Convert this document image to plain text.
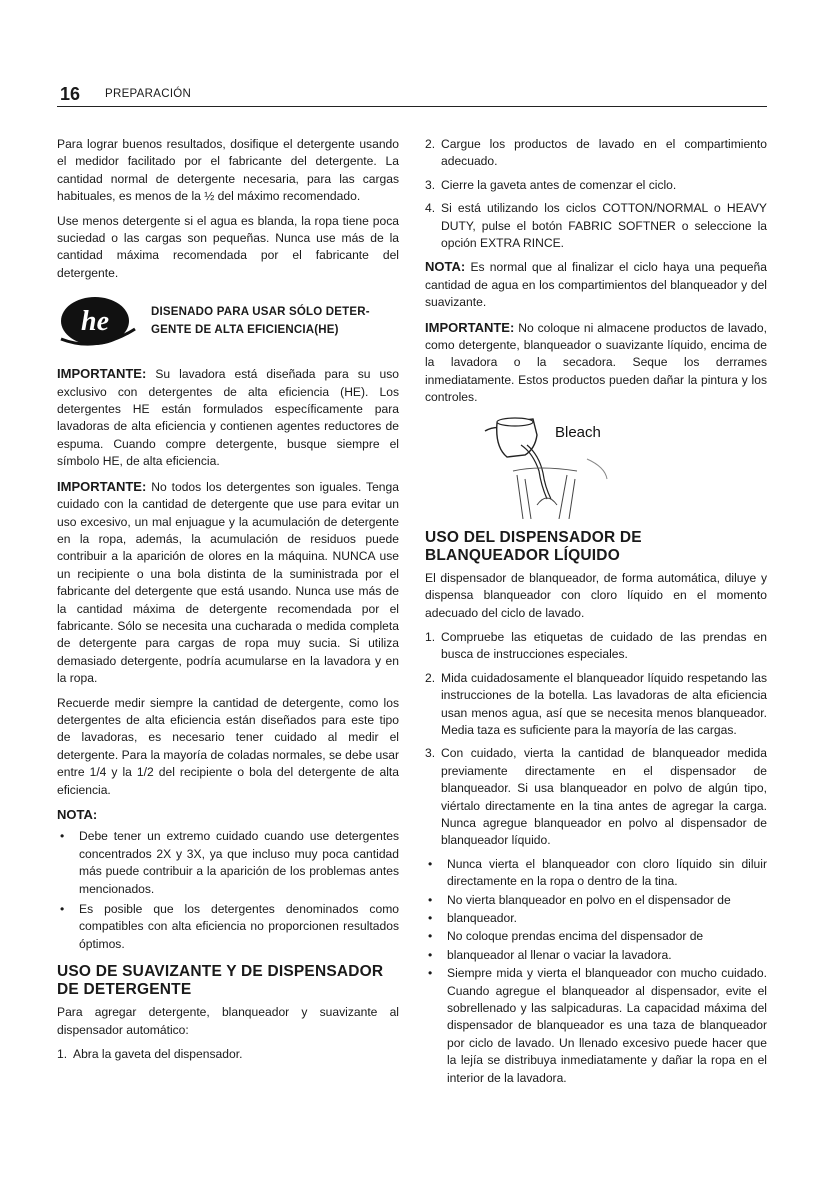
16 PREPARACIÓN

Para lograr buenos resultados, dosifique el detergente usando el medidor facilitado por el fabricante del detergente. La cantidad normal de detergente necesaria, para las cargas habituales, es menos de la ½ del máximo recomendado.

Use menos detergente si el agua es blanda, la ropa tiene poca suciedad o las cargas son pequeñas. Nunca use más de la cantidad máxima recomendada por el fabricante del detergente.

he	DISENADO PARA USAR SÓLO DETER-
GENTE DE ALTA EFICIENCIA(HE)

IMPORTANTE: Su lavadora está diseñada para su uso exclusivo con detergentes de alta eficiencia (HE). Los detergentes HE están formulados específicamente para lavadoras de alta eficiencia y contienen agentes reductores de espuma. Cuando compre detergente, busque siempre el símbolo HE, de alta eficiencia.

IMPORTANTE: No todos los detergentes son iguales. Tenga cuidado con la cantidad de detergente que use para evitar un uso excesivo, un mal enjuague y la acumulación de detergente en la ropa, además, la acumulación de residuos puede contribuir a la aparición de olores en la máquina. NUNCA use un recipiente o una bola distinta de la suministrada por el fabricante del detergente que está usando. Nunca use más de la cantidad máxima de detergente recomendada por el fabricante. Sólo se necesita una cucharada o medida completa de detergente para cargas de ropa muy sucia. Si utiliza demasiado detergente, podría acumularse en la lavadora y en la ropa.

Recuerde medir siempre la cantidad de detergente, como los detergentes de alta eficiencia están diseñados para este tipo de lavadoras, es necesario tener cuidado al medir el detergente. Para la mayoría de coladas normales, se debe usar entre 1/4 y la 1/2 del recipiente o bola del detergente de alta eficiencia.

NOTA:
• Debe tener un extremo cuidado cuando use detergentes concentrados 2X y 3X, ya que incluso muy poca cantidad más puede contribuir a la aparición de los problemas antes mencionados.
• Es posible que los detergentes denominados como compatibles con alta eficiencia no proporcionen resultados óptimos.
USO DE SUAVIZANTE Y DE DISPENSADOR DE DETERGENTE

Para agregar detergente, blanqueador y suavizante al dispensador automático:

1. Abra la gaveta del dispensador.
2. Cargue los productos de lavado en el compartimiento adecuado.
3. Cierre la gaveta antes de comenzar el ciclo.
4. Si está utilizando los ciclos COTTON/NORMAL o HEAVY DUTY, pulse el botón FABRIC SOFTNER o seleccione la opción EXTRA RINCE.

NOTA: Es normal que al finalizar el ciclo haya una pequeña cantidad de agua en los compartimientos del blanqueador y del suavizante.

IMPORTANTE: No coloque ni almacene productos de lavado, como detergente, blanqueador o suavizante líquido, encima de la lavadora o la secadora. Seque los derrames inmediatamente. Estos productos pueden dañar la pintura y los controles.

Bleach
USO DEL DISPENSADOR DE BLANQUEADOR LÍQUIDO

El dispensador de blanqueador, de forma automática, diluye y dispensa blanqueador con cloro líquido en el momento adecuado del ciclo de lavado.

1. Compruebe las etiquetas de cuidado de las prendas en busca de instrucciones especiales.
2. Mida cuidadosamente el blanqueador líquido respetando las instrucciones de la botella. Las lavadoras de alta eficiencia usan menos agua, así que se necesita menos blanqueador. Media taza es suficiente para la mayoría de las cargas.
3. Con cuidado, vierta la cantidad de blanqueador medida previamente directamente en el dispensador de blanqueador. Si usa blanqueador en polvo de algún tipo, viértalo directamente en la tina antes de agregar la carga. Nunca agregue blanqueador en polvo al dispensador de blanqueador líquido.
• Nunca vierta el blanqueador con cloro líquido sin diluir directamente en la ropa o dentro de la tina.
• No vierta blanqueador en polvo en el dispensador de
• blanqueador.
• No coloque prendas encima del dispensador de
• blanqueador al llenar o vaciar la lavadora.
• Siempre mida y vierta el blanqueador con mucho cuidado. Cuando agregue el blanqueador al dispensador, evite el sobrellenado y las salpicaduras. La capacidad máxima del dispensador de blanqueador es una taza de blanqueador por ciclo de lavado. Un llenado excesivo puede hacer que la lejía se distribuya inmediatamente y dañar la ropa en el interior de la lavadora.
